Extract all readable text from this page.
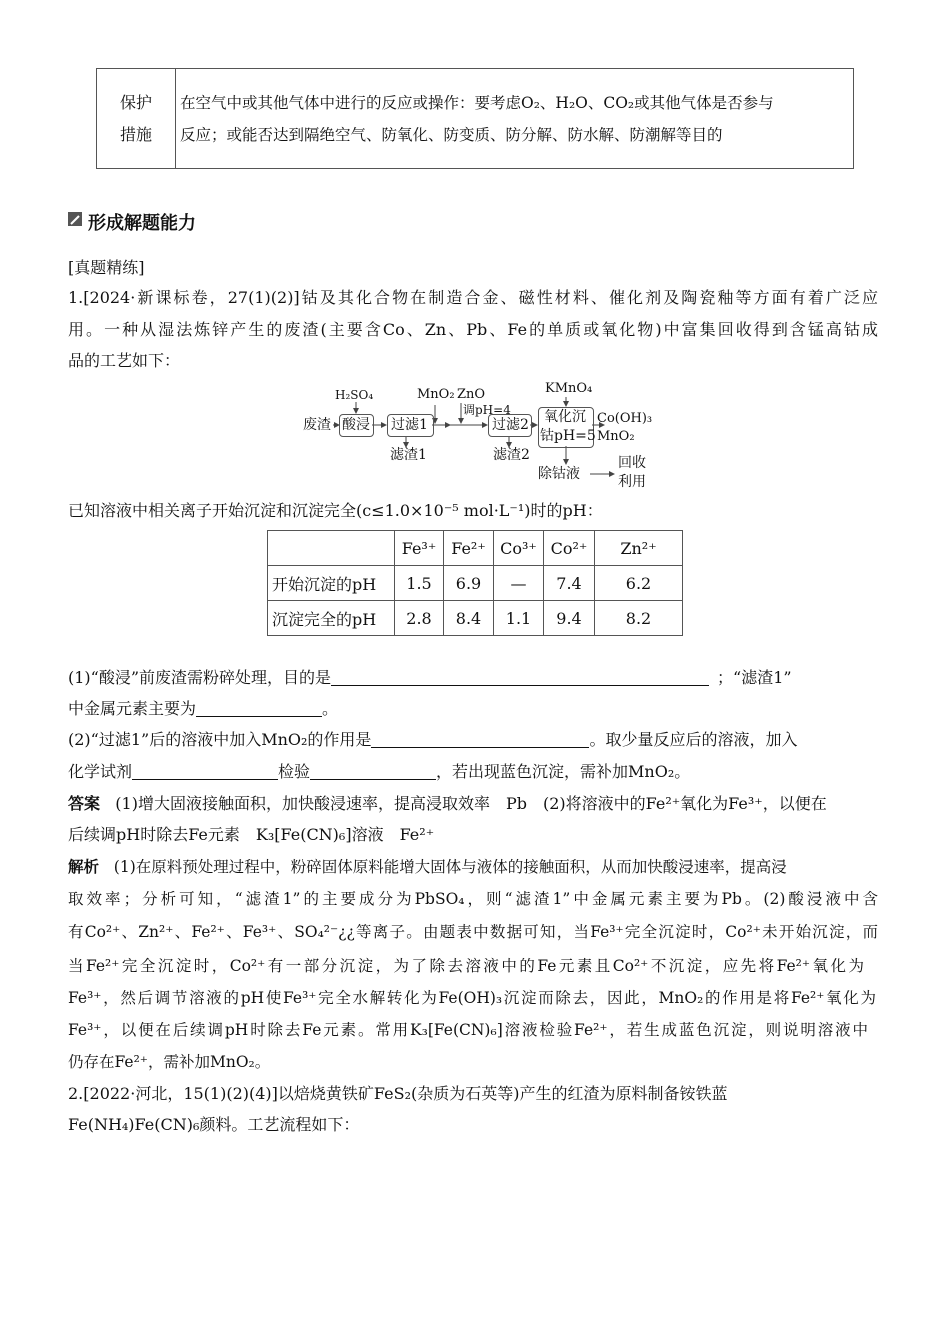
保护
措施

在空气中或其他气体中进行的反应或操作：要考虑O₂、H₂O、CO₂或其他气体是否参与
反应；或能否达到隔绝空气、防氧化、防变质、防分解、防水解、防潮解等目的
形成解题能力
[真题精练]
1.[2024·新课标卷，27(1)(2)]钴及其化合物在制造合金、磁性材料、催化剂及陶瓷釉等方面有着广泛应
用。一种从湿法炼锌产生的废渣(主要含Co、Zn、Pb、Fe的单质或氧化物)中富集回收得到含锰高钴成
品的工艺如下：
废渣
H₂SO₄
酸浸 过滤1
滤渣1
MnO₂ ZnO
调pH=4
过滤2
滤渣2
KMnO₄
氧化沉
钴pH=5
Co(OH)₃
MnO₂
除钴液
回收
利用
已知溶液中相关离子开始沉淀和沉淀完全(c≤1.0×10⁻⁵ mol·L⁻¹)时的pH：
	Fe³⁺	Fe²⁺	Co³⁺	Co²⁺	Zn²⁺
开始沉淀的pH	1.5	6.9	—	7.4	6.2
沉淀完全的pH	2.8	8.4	1.1	9.4	8.2
(1)“酸浸”前废渣需粉碎处理，目的是	；“滤渣1”
中金属元素主要为	。
(2)“过滤1”后的溶液中加入MnO₂的作用是	。取少量反应后的溶液，加入
化学试剂	检验	，若出现蓝色沉淀，需补加MnO₂。
答案 (1)增大固液接触面积，加快酸浸速率，提高浸取效率　Pb　(2)将溶液中的Fe²⁺氧化为Fe³⁺，以便在
后续调pH时除去Fe元素　K₃[Fe(CN)₆]溶液　Fe²⁺
解析 (1)在原料预处理过程中，粉碎固体原料能增大固体与液体的接触面积，从而加快酸浸速率，提高浸
取效率；分析可知，“滤渣1”的主要成分为PbSO₄，则“滤渣1”中金属元素主要为Pb。(2)酸浸液中含
有Co²⁺、Zn²⁺、Fe²⁺、Fe³⁺、SO₄²⁻¿¿等离子。由题表中数据可知，当Fe³⁺完全沉淀时，Co²⁺未开始沉淀，而
当Fe²⁺完全沉淀时，Co²⁺有一部分沉淀，为了除去溶液中的Fe元素且Co²⁺不沉淀，应先将Fe²⁺氧化为
Fe³⁺，然后调节溶液的pH使Fe³⁺完全水解转化为Fe(OH)₃沉淀而除去，因此，MnO₂的作用是将Fe²⁺氧化为
Fe³⁺，以便在后续调pH时除去Fe元素。常用K₃[Fe(CN)₆]溶液检验Fe²⁺，若生成蓝色沉淀，则说明溶液中
仍存在Fe²⁺，需补加MnO₂。
2.[2022·河北，15(1)(2)(4)]以焙烧黄铁矿FeS₂(杂质为石英等)产生的红渣为原料制备铵铁蓝
Fe(NH₄)Fe(CN)₆颜料。工艺流程如下：
